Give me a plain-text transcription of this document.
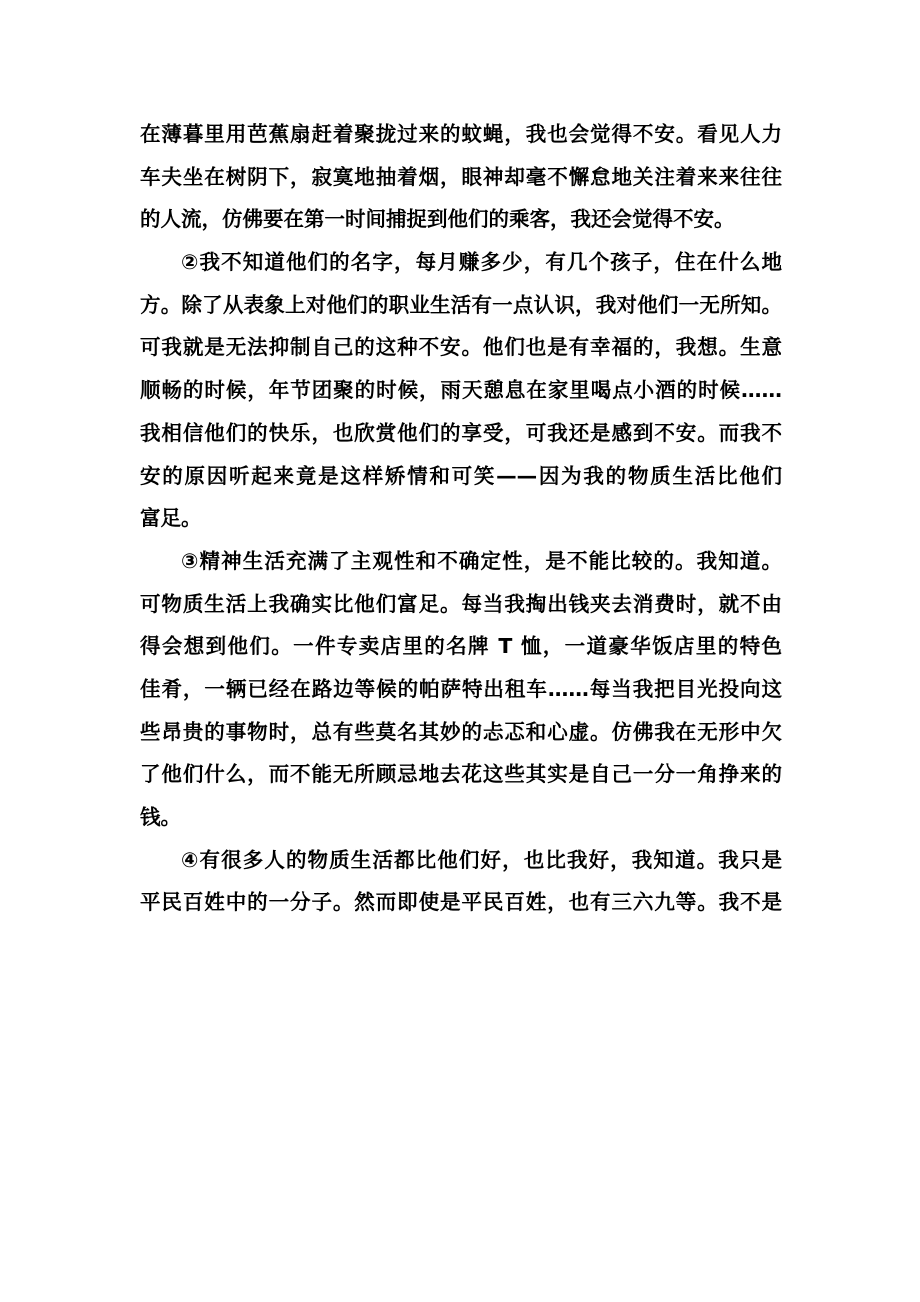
在薄暮里用芭蕉扇赶着聚拢过来的蚊蝇，我也会觉得不安。看见人力
车夫坐在树阴下，寂寞地抽着烟，眼神却毫不懈怠地关注着来来往往
的人流，仿佛要在第一时间捕捉到他们的乘客，我还会觉得不安。
②我不知道他们的名字，每月赚多少，有几个孩子，住在什么地
方。除了从表象上对他们的职业生活有一点认识，我对他们一无所知。
可我就是无法抑制自己的这种不安。他们也是有幸福的，我想。生意
顺畅的时候，年节团聚的时候，雨天憩息在家里喝点小酒的时候……
我相信他们的快乐，也欣赏他们的享受，可我还是感到不安。而我不
安的原因听起来竟是这样矫情和可笑——因为我的物质生活比他们
富足。
③精神生活充满了主观性和不确定性，是不能比较的。我知道。
可物质生活上我确实比他们富足。每当我掏出钱夹去消费时，就不由
得会想到他们。一件专卖店里的名牌 T 恤，一道豪华饭店里的特色
佳肴，一辆已经在路边等候的帕萨特出租车……每当我把目光投向这
些昂贵的事物时，总有些莫名其妙的忐忑和心虚。仿佛我在无形中欠
了他们什么，而不能无所顾忌地去花这些其实是自己一分一角挣来的
钱。
④有很多人的物质生活都比他们好，也比我好，我知道。我只是
平民百姓中的一分子。然而即使是平民百姓，也有三六九等。我不是
